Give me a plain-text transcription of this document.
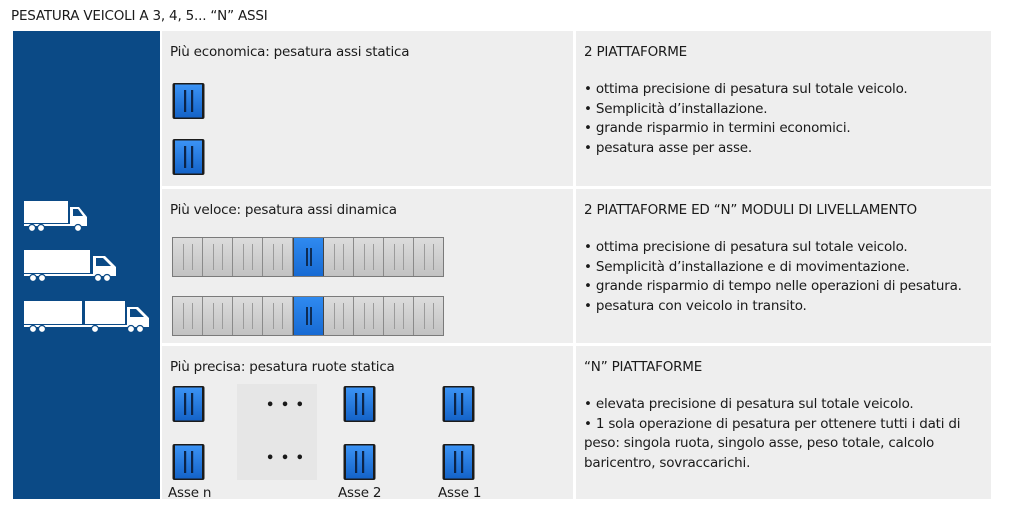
PESATURA VEICOLI A 3, 4, 5... “N” ASSI
Più economica: pesatura assi statica	2 PIATTAFORME
• ottima precisione di pesatura sul totale veicolo.
• Semplicità d’installazione.
• grande risparmio in termini economici.
• pesatura asse per asse.
Più veloce: pesatura assi dinamica	2 PIATTAFORME ED “N” MODULI DI LIVELLAMENTO
• ottima precisione di pesatura sul totale veicolo.
• Semplicità d’installazione e di movimentazione.
• grande risparmio di tempo nelle operazioni di pesatura.
• pesatura con veicolo in transito.
Più precisa: pesatura ruote statica
• • •
• • •
Asse n	Asse 2	Asse 1
“N” PIATTAFORME
• elevata precisione di pesatura sul totale veicolo.
• 1 sola operazione di pesatura per ottenere tutti i dati di peso: singola ruota, singolo asse, peso totale, calcolo baricentro, sovraccarichi.
